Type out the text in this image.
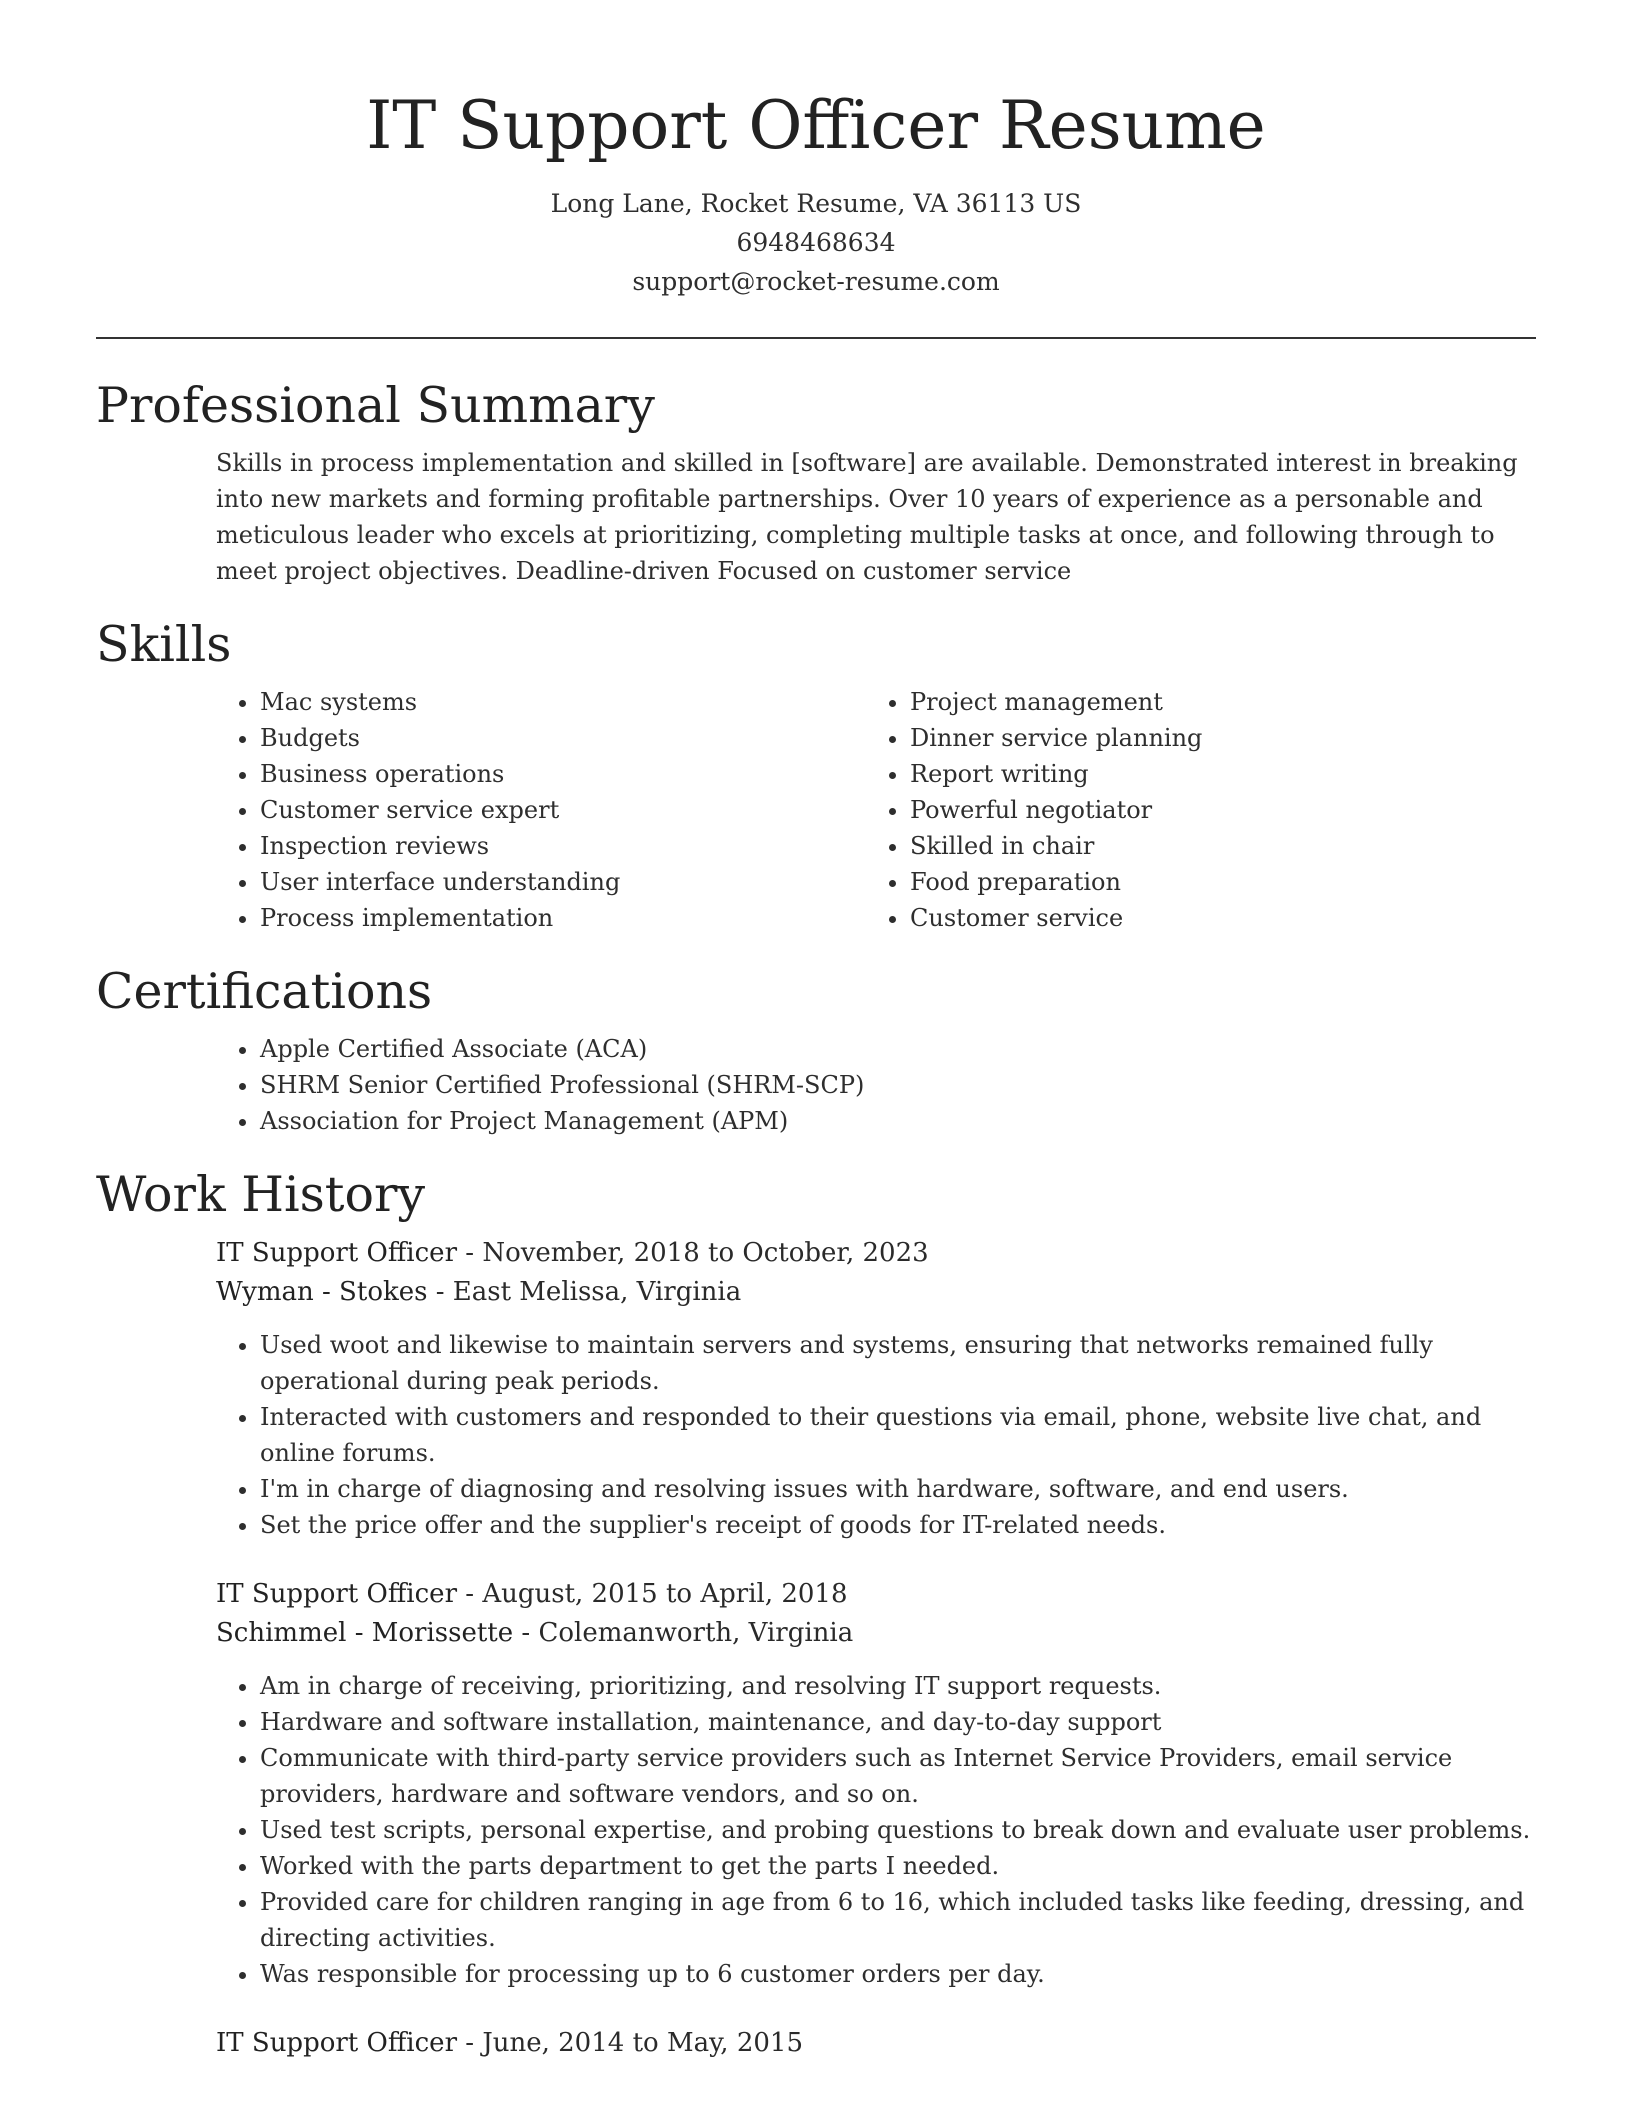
IT Support Officer Resume
Long Lane, Rocket Resume, VA 36113 US
6948468634
support@rocket-resume.com
Professional Summary

Skills in process implementation and skilled in [software] are available. Demonstrated interest in breaking into new markets and forming profitable partnerships. Over 10 years of experience as a personable and meticulous leader who excels at prioritizing, completing multiple tasks at once, and following through to meet project objectives. Deadline-driven Focused on customer service

Skills
• Mac systems
• Budgets
• Business operations
• Customer service expert
• Inspection reviews
• User interface understanding
• Process implementation
• Project management
• Dinner service planning
• Report writing
• Powerful negotiator
• Skilled in chair
• Food preparation
• Customer service
Certifications
• Apple Certified Associate (ACA)
• SHRM Senior Certified Professional (SHRM-SCP)
• Association for Project Management (APM)
Work History
IT Support Officer - November, 2018 to October, 2023
Wyman - Stokes - East Melissa, Virginia
• Used woot and likewise to maintain servers and systems, ensuring that networks remained fully operational during peak periods.
• Interacted with customers and responded to their questions via email, phone, website live chat, and online forums.
• I'm in charge of diagnosing and resolving issues with hardware, software, and end users.
• Set the price offer and the supplier's receipt of goods for IT-related needs.
IT Support Officer - August, 2015 to April, 2018
Schimmel - Morissette - Colemanworth, Virginia
• Am in charge of receiving, prioritizing, and resolving IT support requests.
• Hardware and software installation, maintenance, and day-to-day support
• Communicate with third-party service providers such as Internet Service Providers, email service providers, hardware and software vendors, and so on.
• Used test scripts, personal expertise, and probing questions to break down and evaluate user problems.
• Worked with the parts department to get the parts I needed.
• Provided care for children ranging in age from 6 to 16, which included tasks like feeding, dressing, and directing activities.
• Was responsible for processing up to 6 customer orders per day.
IT Support Officer - June, 2014 to May, 2015
